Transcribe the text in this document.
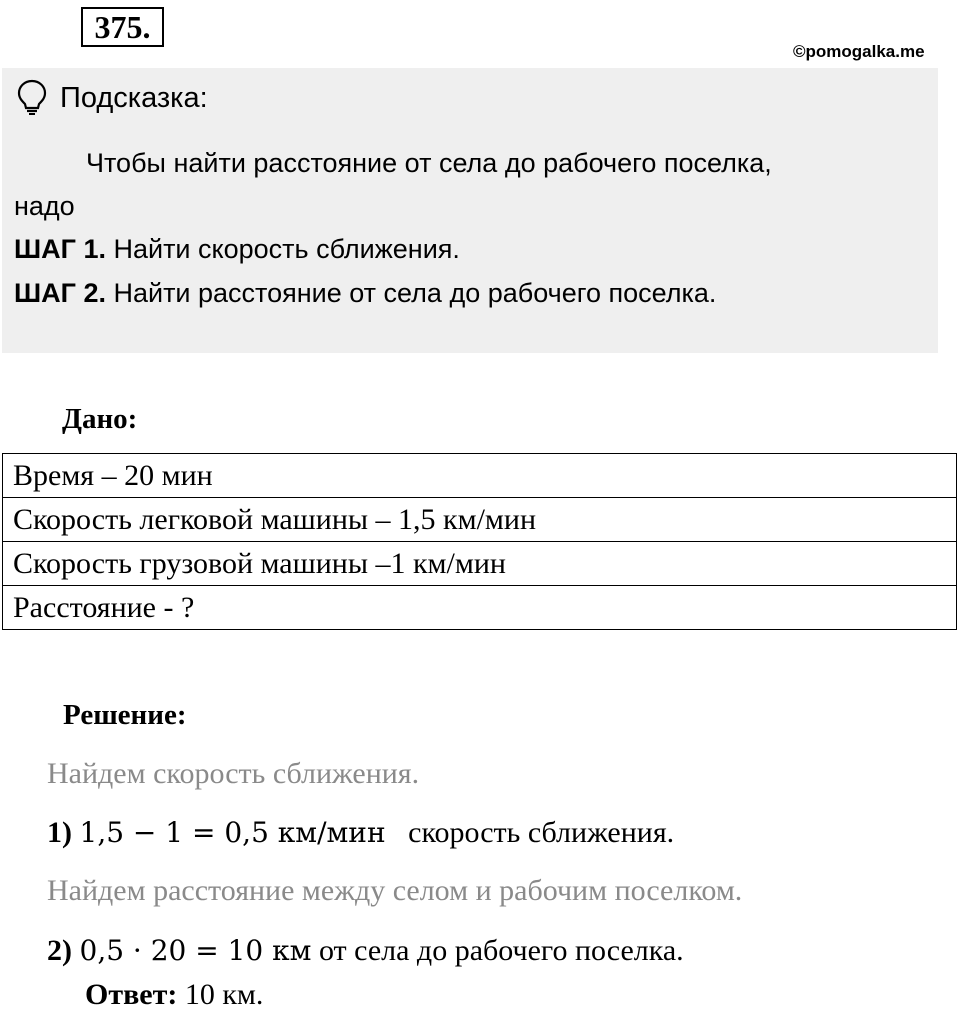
375.
©pomogalka.me
Подсказка:
Чтобы найти расстояние от села до рабочего поселка,
надо
ШАГ 1. Найти скорость сближения.
ШАГ 2. Найти расстояние от села до рабочего поселка.
Дано:
Время – 20 мин
Скорость легковой машины – 1,5 км/мин
Скорость грузовой машины –1 км/мин
Расстояние - ?
Решение:
Найдем скорость сближения.
1) 1,5 − 1 = 0,5 км/мин скорость сближения.
Найдем расстояние между селом и рабочим поселком.
2) 0,5 · 20 = 10 км от села до рабочего поселка.
Ответ: 10 км.
